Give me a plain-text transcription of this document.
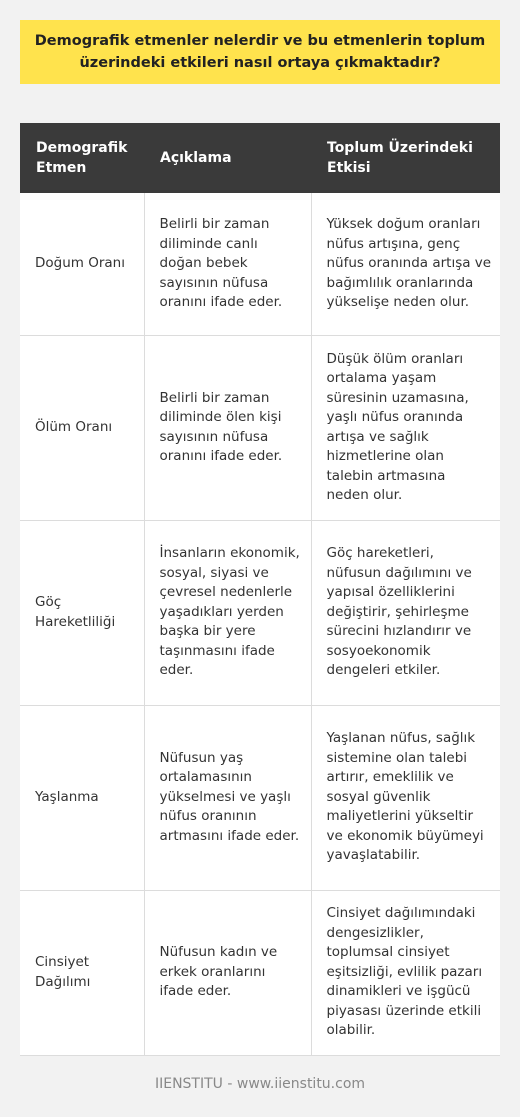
Demografik etmenler nelerdir ve bu etmenlerin toplum üzerindeki etkileri nasıl ortaya çıkmaktadır?
Demografik Etmen	Açıklama	Toplum Üzerindeki Etkisi
Doğum Oranı	Belirli bir zaman diliminde canlı doğan bebek sayısının nüfusa oranını ifade eder.	Yüksek doğum oranları nüfus artışına, genç nüfus oranında artışa ve bağımlılık oranlarında yükselişe neden olur.
Ölüm Oranı	Belirli bir zaman diliminde ölen kişi sayısının nüfusa oranını ifade eder.	Düşük ölüm oranları ortalama yaşam süresinin uzamasına, yaşlı nüfus oranında artışa ve sağlık hizmetlerine olan talebin artmasına neden olur.
Göç Hareketliliği	İnsanların ekonomik, sosyal, siyasi ve çevresel nedenlerle yaşadıkları yerden başka bir yere taşınmasını ifade eder.	Göç hareketleri, nüfusun dağılımını ve yapısal özelliklerini değiştirir, şehirleşme sürecini hızlandırır ve sosyoekonomik dengeleri etkiler.
Yaşlanma	Nüfusun yaş ortalamasının yükselmesi ve yaşlı nüfus oranının artmasını ifade eder.	Yaşlanan nüfus, sağlık sistemine olan talebi artırır, emeklilik ve sosyal güvenlik maliyetlerini yükseltir ve ekonomik büyümeyi yavaşlatabilir.
Cinsiyet Dağılımı	Nüfusun kadın ve erkek oranlarını ifade eder.	Cinsiyet dağılımındaki dengesizlikler, toplumsal cinsiyet eşitsizliği, evlilik pazarı dinamikleri ve işgücü piyasası üzerinde etkili olabilir.
IIENSTITU - www.iienstitu.com
